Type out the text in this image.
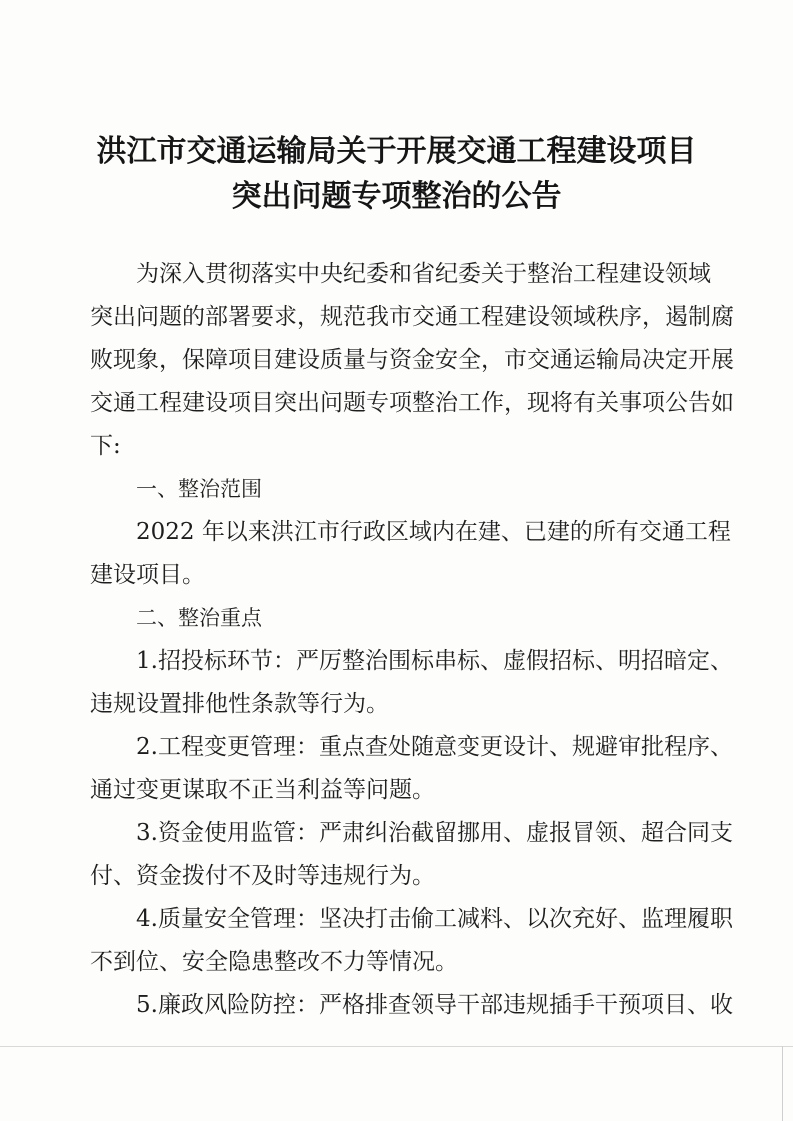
洪江市交通运输局关于开展交通工程建设项目
突出问题专项整治的公告
为深入贯彻落实中央纪委和省纪委关于整治工程建设领域
突出问题的部署要求，规范我市交通工程建设领域秩序，遏制腐
败现象，保障项目建设质量与资金安全，市交通运输局决定开展
交通工程建设项目突出问题专项整治工作，现将有关事项公告如
下:
一、整治范围
2022 年以来洪江市行政区域内在建、已建的所有交通工程
建设项目。
二、整治重点
1.招投标环节：严厉整治围标串标、虚假招标、明招暗定、
违规设置排他性条款等行为。
2.工程变更管理：重点查处随意变更设计、规避审批程序、
通过变更谋取不正当利益等问题。
3.资金使用监管：严肃纠治截留挪用、虚报冒领、超合同支
付、资金拨付不及时等违规行为。
4.质量安全管理：坚决打击偷工减料、以次充好、监理履职
不到位、安全隐患整改不力等情况。
5.廉政风险防控：严格排查领导干部违规插手干预项目、收
